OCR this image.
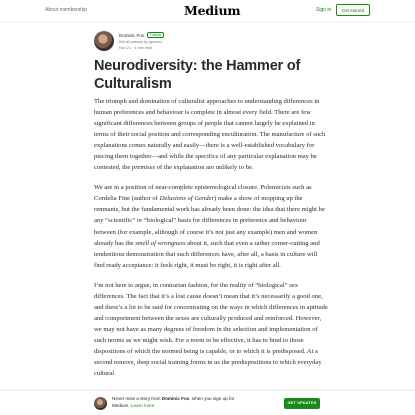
About membership	Medium	Sign in	Get started
Dominic Fox	Follow
this all passes by ignored
Nov 21 · 4 min read
Neurodiversity: the Hammer of Culturalism

The triumph and domination of culturalist approaches to understanding differences in human preferences and behaviour is complete in almost every field. There are few significant differences between groups of people that cannot largely be explained in terms of their social position and corresponding enculturation. The manufacture of such explanations comes naturally and easily—there is a well-established vocabulary for piecing them together—and while the specifics of any particular explanation may be contested, the premises of the explanation are unlikely to be.

We are in a position of near-complete epistemological closure. Polemicists such as Cordelia Fine (author of Delusions of Gender) make a show of mopping up the remnants, but the fundamental work has already been done: the idea that there might be any “scientific” or “biological” basis for differences in preference and behaviour between (for example, although of course it’s not just any example) men and women already has the smell of wrongness about it, such that even a rather corner-cutting and tendentious demonstration that such differences have, after all, a basis in culture will find ready acceptance: it feels right, it must be right, it is right after all.

I’m not here to argue, in contrarian fashion, for the reality of “biological” sex differences. The fact that it’s a lost cause doesn’t mean that it’s necessarily a good one, and there’s a lot to be said for concentrating on the ways in which differences in aptitude and comportment between the sexes are culturally produced and reinforced. However, we may not have as many degrees of freedom in the selection and implementation of such norms as we might wish. For a norm to be effective, it has to bind to those dispositions of which the normed being is capable, or to which it is predisposed. At a second remove, deep social training forms in us the predispositions to which everyday cultural

Never miss a story from Dominic Fox, when you sign up for
Medium. Learn more	GET UPDATES
